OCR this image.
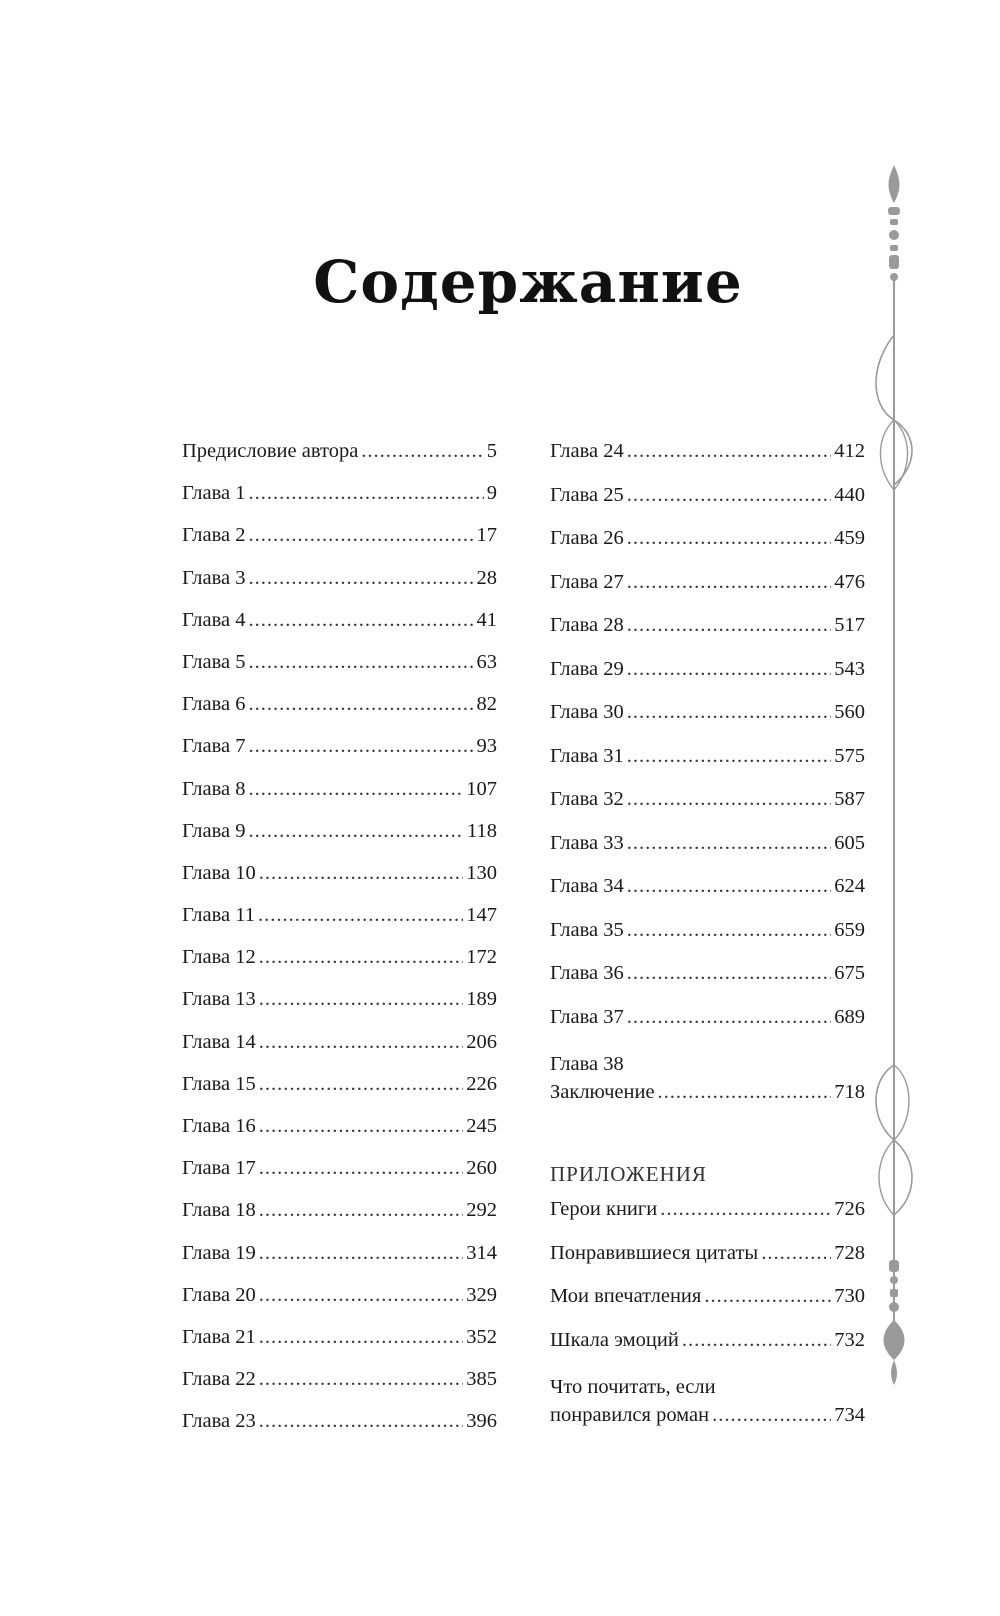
Содержание
Предисловие автора .....	5
Глава 1 .....	9
Глава 2 .....	17
Глава 3 .....	28
Глава 4 .....	41
Глава 5 .....	63
Глава 6 .....	82
Глава 7 .....	93
Глава 8 .....	107
Глава 9 .....	118
Глава 10 .....	130
Глава 11 .....	147
Глава 12 .....	172
Глава 13 .....	189
Глава 14 .....	206
Глава 15 .....	226
Глава 16 .....	245
Глава 17 .....	260
Глава 18 .....	292
Глава 19 .....	314
Глава 20 .....	329
Глава 21 .....	352
Глава 22 .....	385
Глава 23 .....	396
Глава 24 .....	412
Глава 25 .....	440
Глава 26 .....	459
Глава 27 .....	476
Глава 28 .....	517
Глава 29 .....	543
Глава 30 .....	560
Глава 31 .....	575
Глава 32 .....	587
Глава 33 .....	605
Глава 34 .....	624
Глава 35 .....	659
Глава 36 .....	675
Глава 37 .....	689
Глава 38
Заключение .....	718
ПРИЛОЖЕНИЯ
Герои книги .....	726
Понравившиеся цитаты .....	728
Мои впечатления .....	730
Шкала эмоций .....	732
Что почитать, если
понравился роман .....	734
